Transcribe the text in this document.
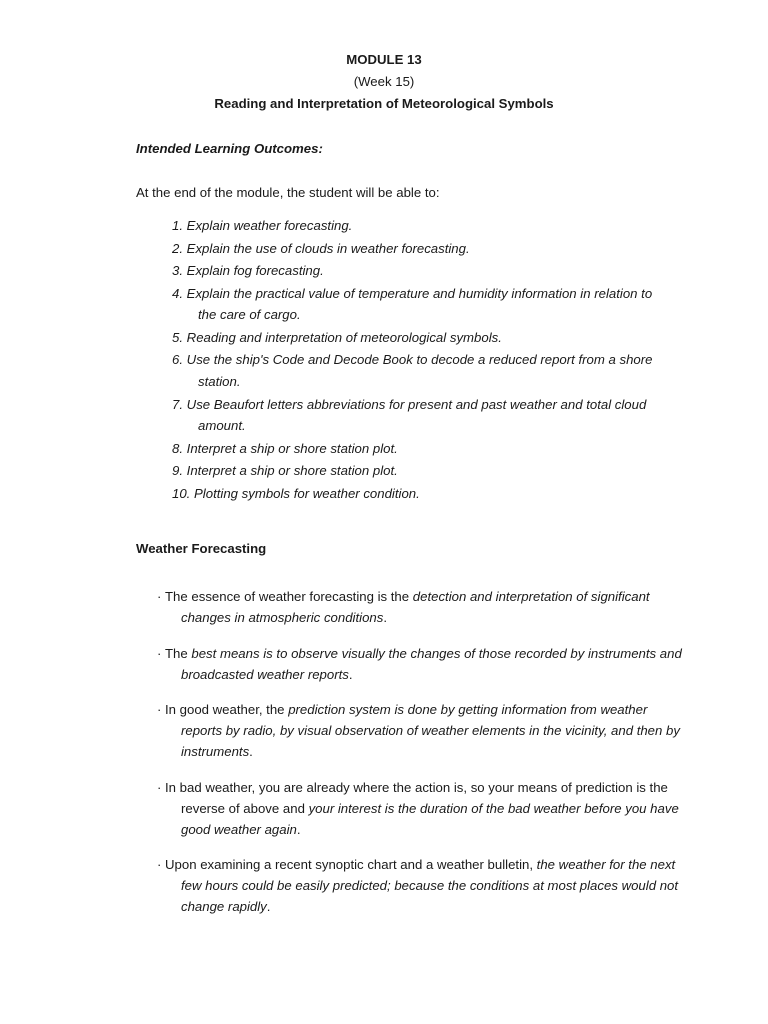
MODULE 13
(Week 15)
Reading and Interpretation of Meteorological Symbols
Intended Learning Outcomes:
At the end of the module, the student will be able to:
1. Explain weather forecasting.
2. Explain the use of clouds in weather forecasting.
3. Explain fog forecasting.
4. Explain the practical value of temperature and humidity information in relation to
the care of cargo.
5. Reading and interpretation of meteorological symbols.
6. Use the ship's Code and Decode Book to decode a reduced report from a shore
station.
7. Use Beaufort letters abbreviations for present and past weather and total cloud
amount.
8. Interpret a ship or shore station plot.
9. Interpret a ship or shore station plot.
10. Plotting symbols for weather condition.
Weather Forecasting
· The essence of weather forecasting is the detection and interpretation of significant
changes in atmospheric conditions.
· The best means is to observe visually the changes of those recorded by instruments and
broadcasted weather reports.
· In good weather, the prediction system is done by getting information from weather
reports by radio, by visual observation of weather elements in the vicinity, and then by
instruments.
· In bad weather, you are already where the action is, so your means of prediction is the
reverse of above and your interest is the duration of the bad weather before you have
good weather again.
· Upon examining a recent synoptic chart and a weather bulletin, the weather for the next
few hours could be easily predicted; because the conditions at most places would not
change rapidly.
